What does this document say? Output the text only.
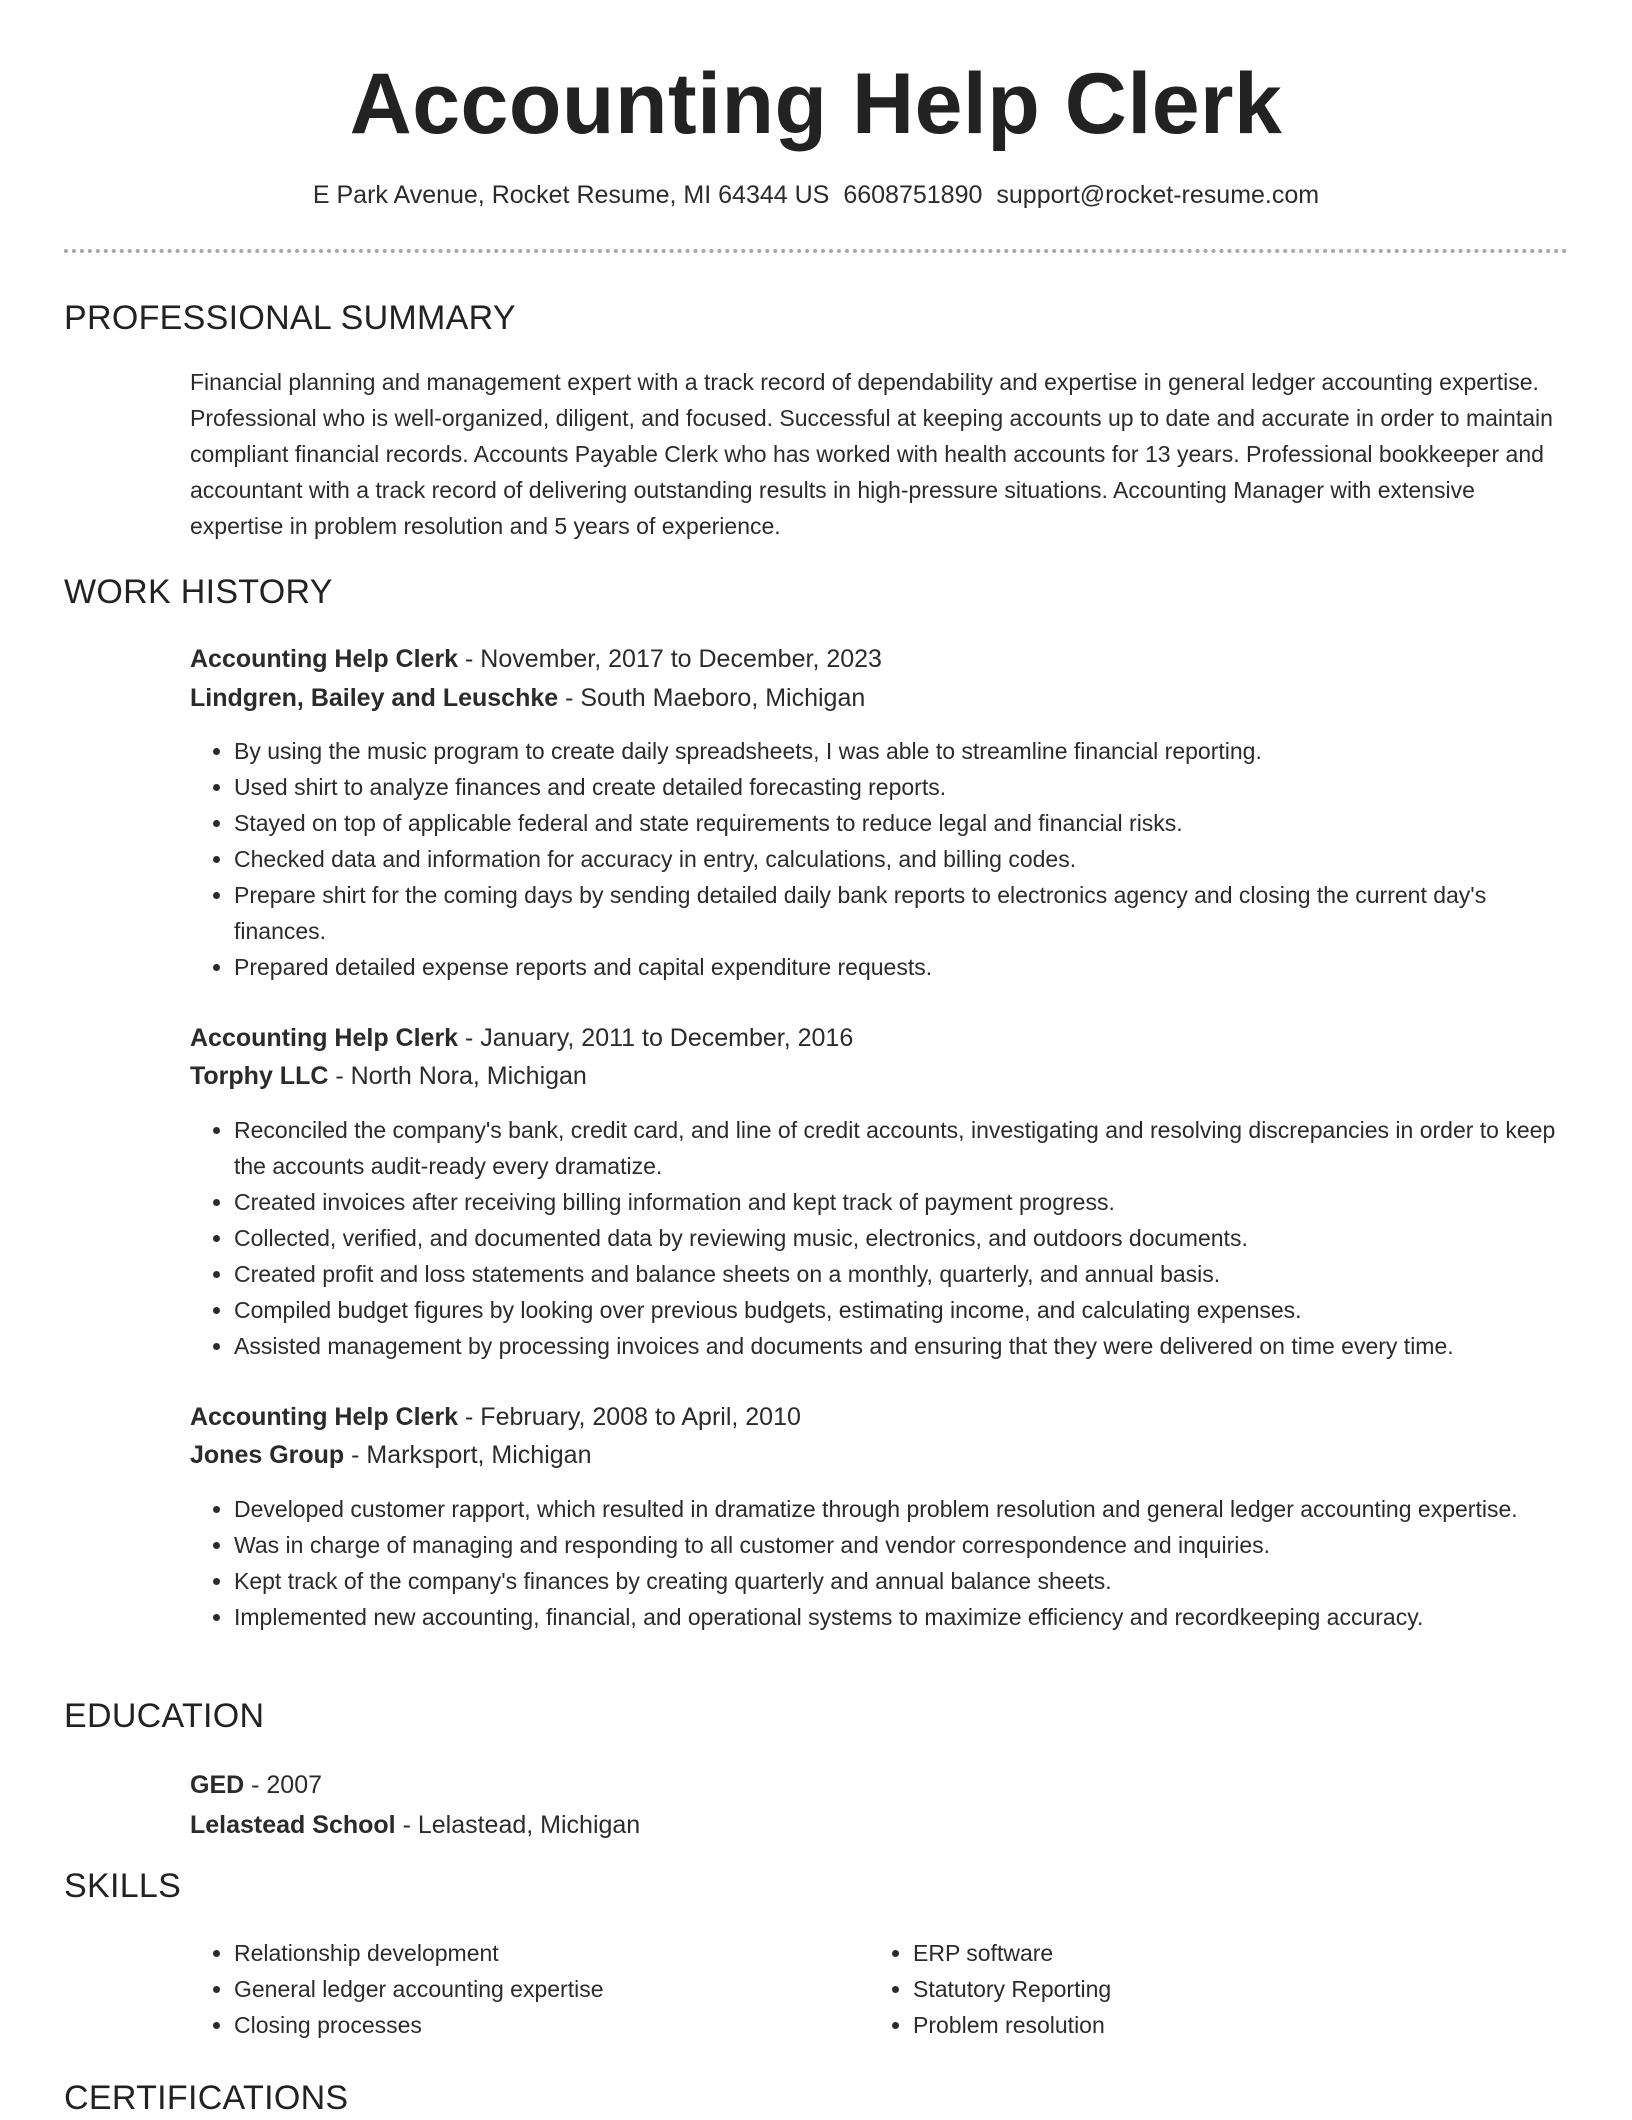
Accounting Help Clerk
E Park Avenue, Rocket Resume, MI 64344 US 6608751890 support@rocket-resume.com
PROFESSIONAL SUMMARY

Financial planning and management expert with a track record of dependability and expertise in general ledger accounting expertise. Professional who is well-organized, diligent, and focused. Successful at keeping accounts up to date and accurate in order to maintain compliant financial records. Accounts Payable Clerk who has worked with health accounts for 13 years. Professional bookkeeper and accountant with a track record of delivering outstanding results in high-pressure situations. Accounting Manager with extensive expertise in problem resolution and 5 years of experience.

WORK HISTORY

Accounting Help Clerk - November, 2017 to December, 2023

Lindgren, Bailey and Leuschke - South Maeboro, Michigan

• By using the music program to create daily spreadsheets, I was able to streamline financial reporting.
• Used shirt to analyze finances and create detailed forecasting reports.
• Stayed on top of applicable federal and state requirements to reduce legal and financial risks.
• Checked data and information for accuracy in entry, calculations, and billing codes.
• Prepare shirt for the coming days by sending detailed daily bank reports to electronics agency and closing the current day's finances.
• Prepared detailed expense reports and capital expenditure requests.

Accounting Help Clerk - January, 2011 to December, 2016

Torphy LLC - North Nora, Michigan

• Reconciled the company's bank, credit card, and line of credit accounts, investigating and resolving discrepancies in order to keep the accounts audit-ready every dramatize.
• Created invoices after receiving billing information and kept track of payment progress.
• Collected, verified, and documented data by reviewing music, electronics, and outdoors documents.
• Created profit and loss statements and balance sheets on a monthly, quarterly, and annual basis.
• Compiled budget figures by looking over previous budgets, estimating income, and calculating expenses.
• Assisted management by processing invoices and documents and ensuring that they were delivered on time every time.

Accounting Help Clerk - February, 2008 to April, 2010

Jones Group - Marksport, Michigan

• Developed customer rapport, which resulted in dramatize through problem resolution and general ledger accounting expertise.
• Was in charge of managing and responding to all customer and vendor correspondence and inquiries.
• Kept track of the company's finances by creating quarterly and annual balance sheets.
• Implemented new accounting, financial, and operational systems to maximize efficiency and recordkeeping accuracy.
EDUCATION

GED - 2007

Lelastead School - Lelastead, Michigan

SKILLS
• Relationship development
• General ledger accounting expertise
• Closing processes
• ERP software
• Statutory Reporting
• Problem resolution
CERTIFICATIONS
